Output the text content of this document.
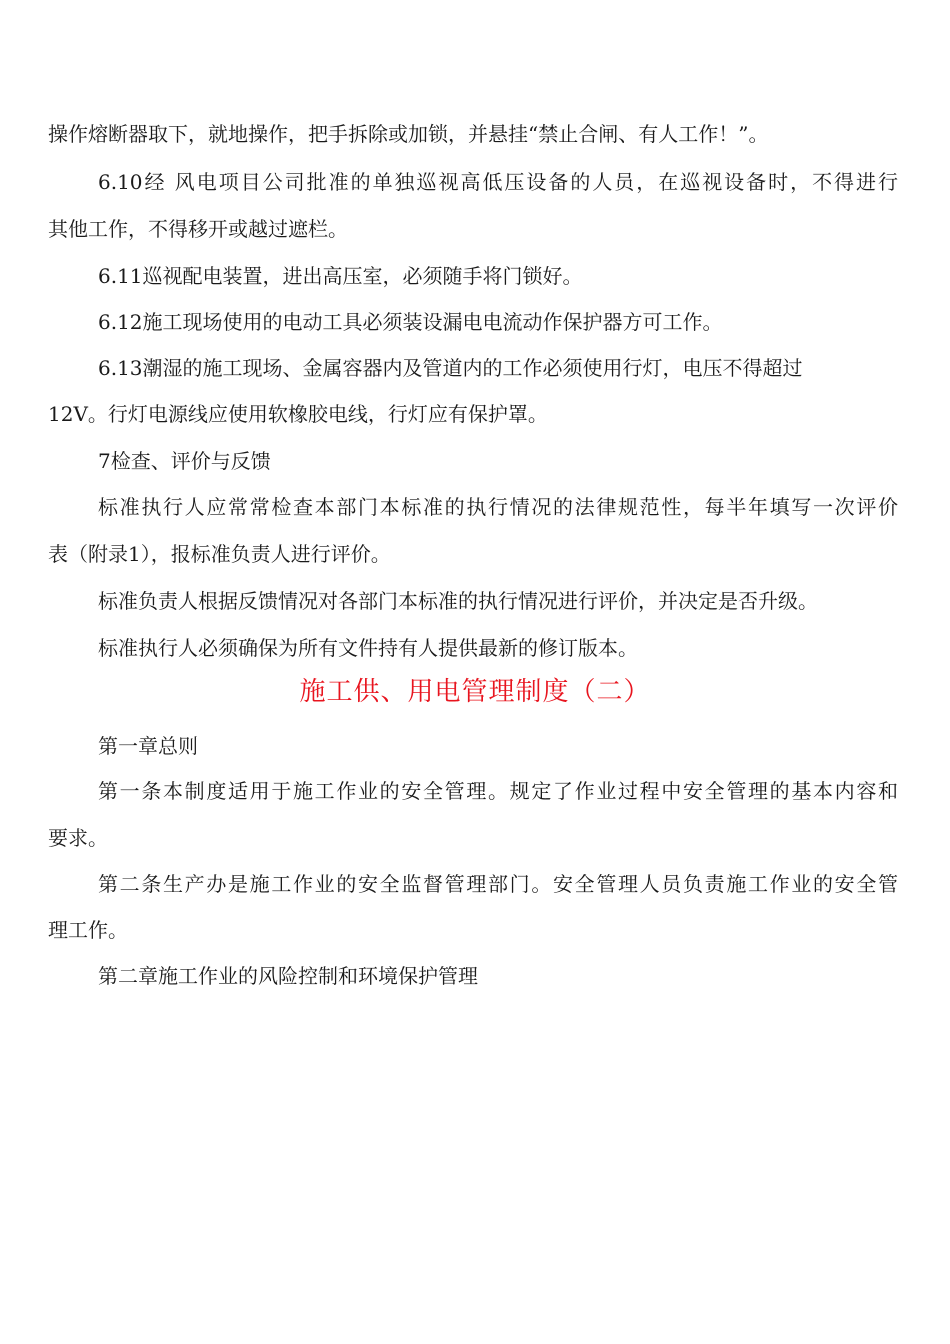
操作熔断器取下，就地操作，把手拆除或加锁，并悬挂“禁止合闸、有人工作！”。
6.10经 风电项目公司批准的单独巡视高低压设备的人员，在巡视设备时，不得进行
其他工作，不得移开或越过遮栏。
6.11巡视配电装置，进出高压室，必须随手将门锁好。
6.12施工现场使用的电动工具必须装设漏电电流动作保护器方可工作。
6.13潮湿的施工现场、金属容器内及管道内的工作必须使用行灯，电压不得超过
12V。行灯电源线应使用软橡胶电线，行灯应有保护罩。
7检查、评价与反馈
标准执行人应常常检查本部门本标准的执行情况的法律规范性，每半年填写一次评价
表（附录1），报标准负责人进行评价。
标准负责人根据反馈情况对各部门本标准的执行情况进行评价，并决定是否升级。
标准执行人必须确保为所有文件持有人提供最新的修订版本。
施工供、用电管理制度（二）
第一章总则
第一条本制度适用于施工作业的安全管理。规定了作业过程中安全管理的基本内容和
要求。
第二条生产办是施工作业的安全监督管理部门。安全管理人员负责施工作业的安全管
理工作。
第二章施工作业的风险控制和环境保护管理
